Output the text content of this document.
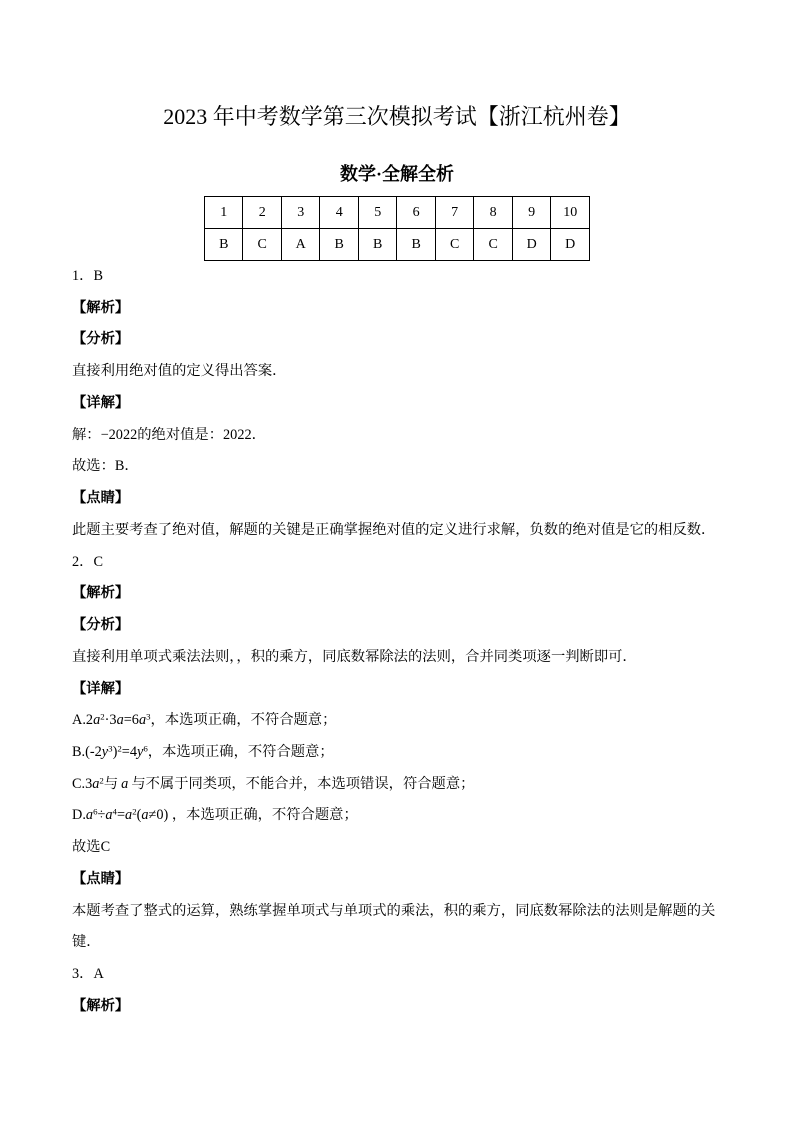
2023 年中考数学第三次模拟考试【浙江杭州卷】
数学·全解全析
1	2	3	4	5	6	7	8	9	10
B	C	A	B	B	B	C	C	D	D
1．B
【解析】
【分析】
直接利用绝对值的定义得出答案．
【详解】
解：−2022的绝对值是：2022．
故选：B．
【点睛】
此题主要考查了绝对值，解题的关键是正确掌握绝对值的定义进行求解，负数的绝对值是它的相反数．
2．C
【解析】
【分析】
直接利用单项式乘法法则，，积的乘方，同底数幂除法的法则，合并同类项逐一判断即可．
【详解】
$A.2a^2\cdot 3a=6a^3$，本选项正确，不符合题意；
$B.(-2y^3)^2=4y^6$，本选项正确，不符合题意；
$C.3a^2$与 a 与不属于同类项，不能合并，本选项错误，符合题意；
$D.a^6\div a^4=a^2(a\ne 0)$ ，本选项正确，不符合题意；
故选C
【点睛】
本题考查了整式的运算，熟练掌握单项式与单项式的乘法，积的乘方，同底数幂除法的法则是解题的关
键．
3．A
【解析】
